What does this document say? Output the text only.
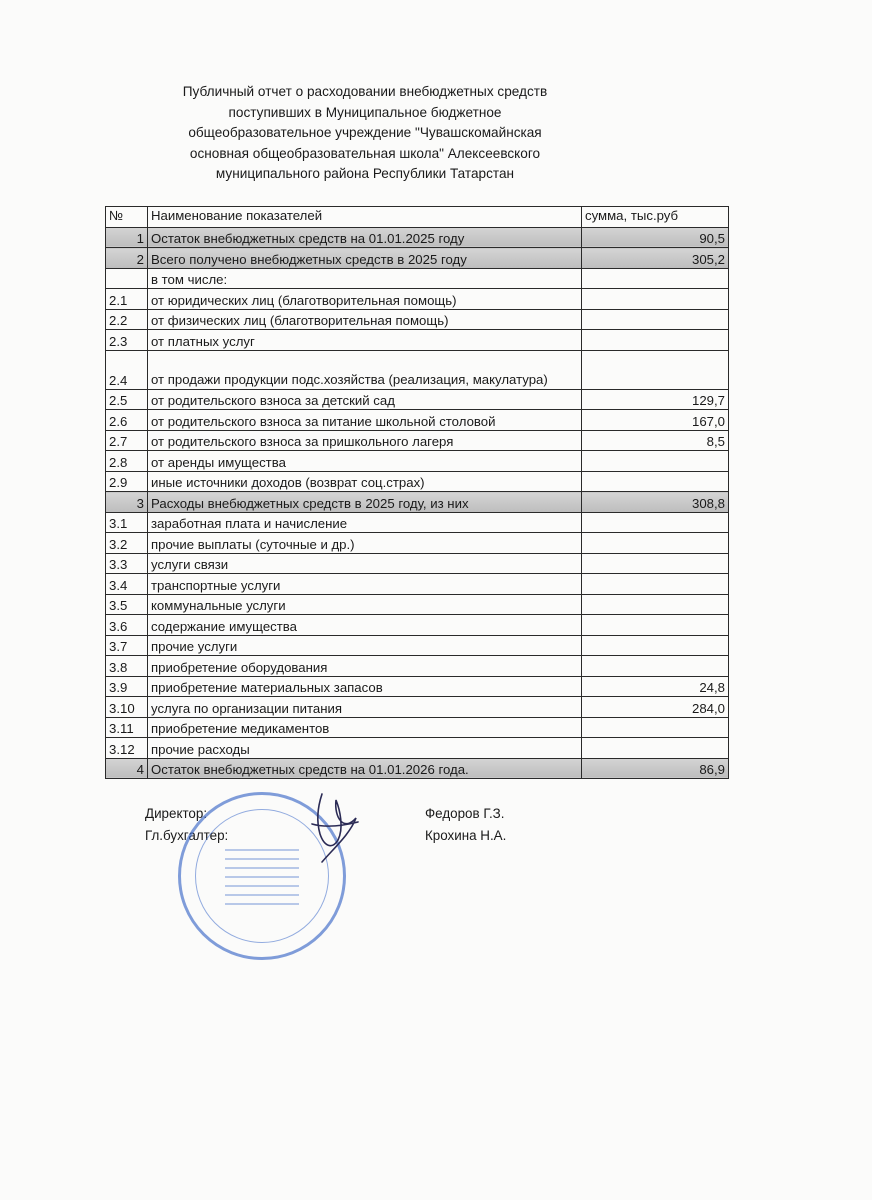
Публичный отчет о расходовании внебюджетных средств
поступивших в Муниципальное бюджетное
общеобразовательное учреждение "Чувашскомайнская
основная общеобразовательная школа" Алексеевского
муниципального района Республики Татарстан
№	Наименование показателей	сумма, тыс.руб
1	Остаток внебюджетных средств на 01.01.2025 году	90,5
2	Всего получено внебюджетных средств в 2025 году	305,2
	в том числе:	
2.1	от юридических лиц (благотворительная помощь)	
2.2	от физических лиц (благотворительная помощь)	
2.3	от платных услуг	
2.4	от продажи продукции подс.хозяйства (реализация, макулатура)	
2.5	от родительского взноса за детский сад	129,7
2.6	от родительского взноса за питание школьной столовой	167,0
2.7	от родительского взноса за пришкольного лагеря	8,5
2.8	от аренды имущества	
2.9	иные источники доходов (возврат соц.страх)	
3	Расходы внебюджетных средств в 2025 году, из них	308,8
3.1	заработная плата и начисление	
3.2	прочие выплаты (суточные и др.)	
3.3	услуги связи	
3.4	транспортные услуги	
3.5	коммунальные услуги	
3.6	содержание имущества	
3.7	прочие услуги	
3.8	приобретение оборудования	
3.9	приобретение материальных запасов	24,8
3.10	услуга по организации питания	284,0
3.11	приобретение медикаментов	
3.12	прочие расходы	
4	Остаток внебюджетных средств на 01.01.2026 года.	86,9
Директор:	Федоров Г.З.
Гл.бухгалтер:	Крохина Н.А.
